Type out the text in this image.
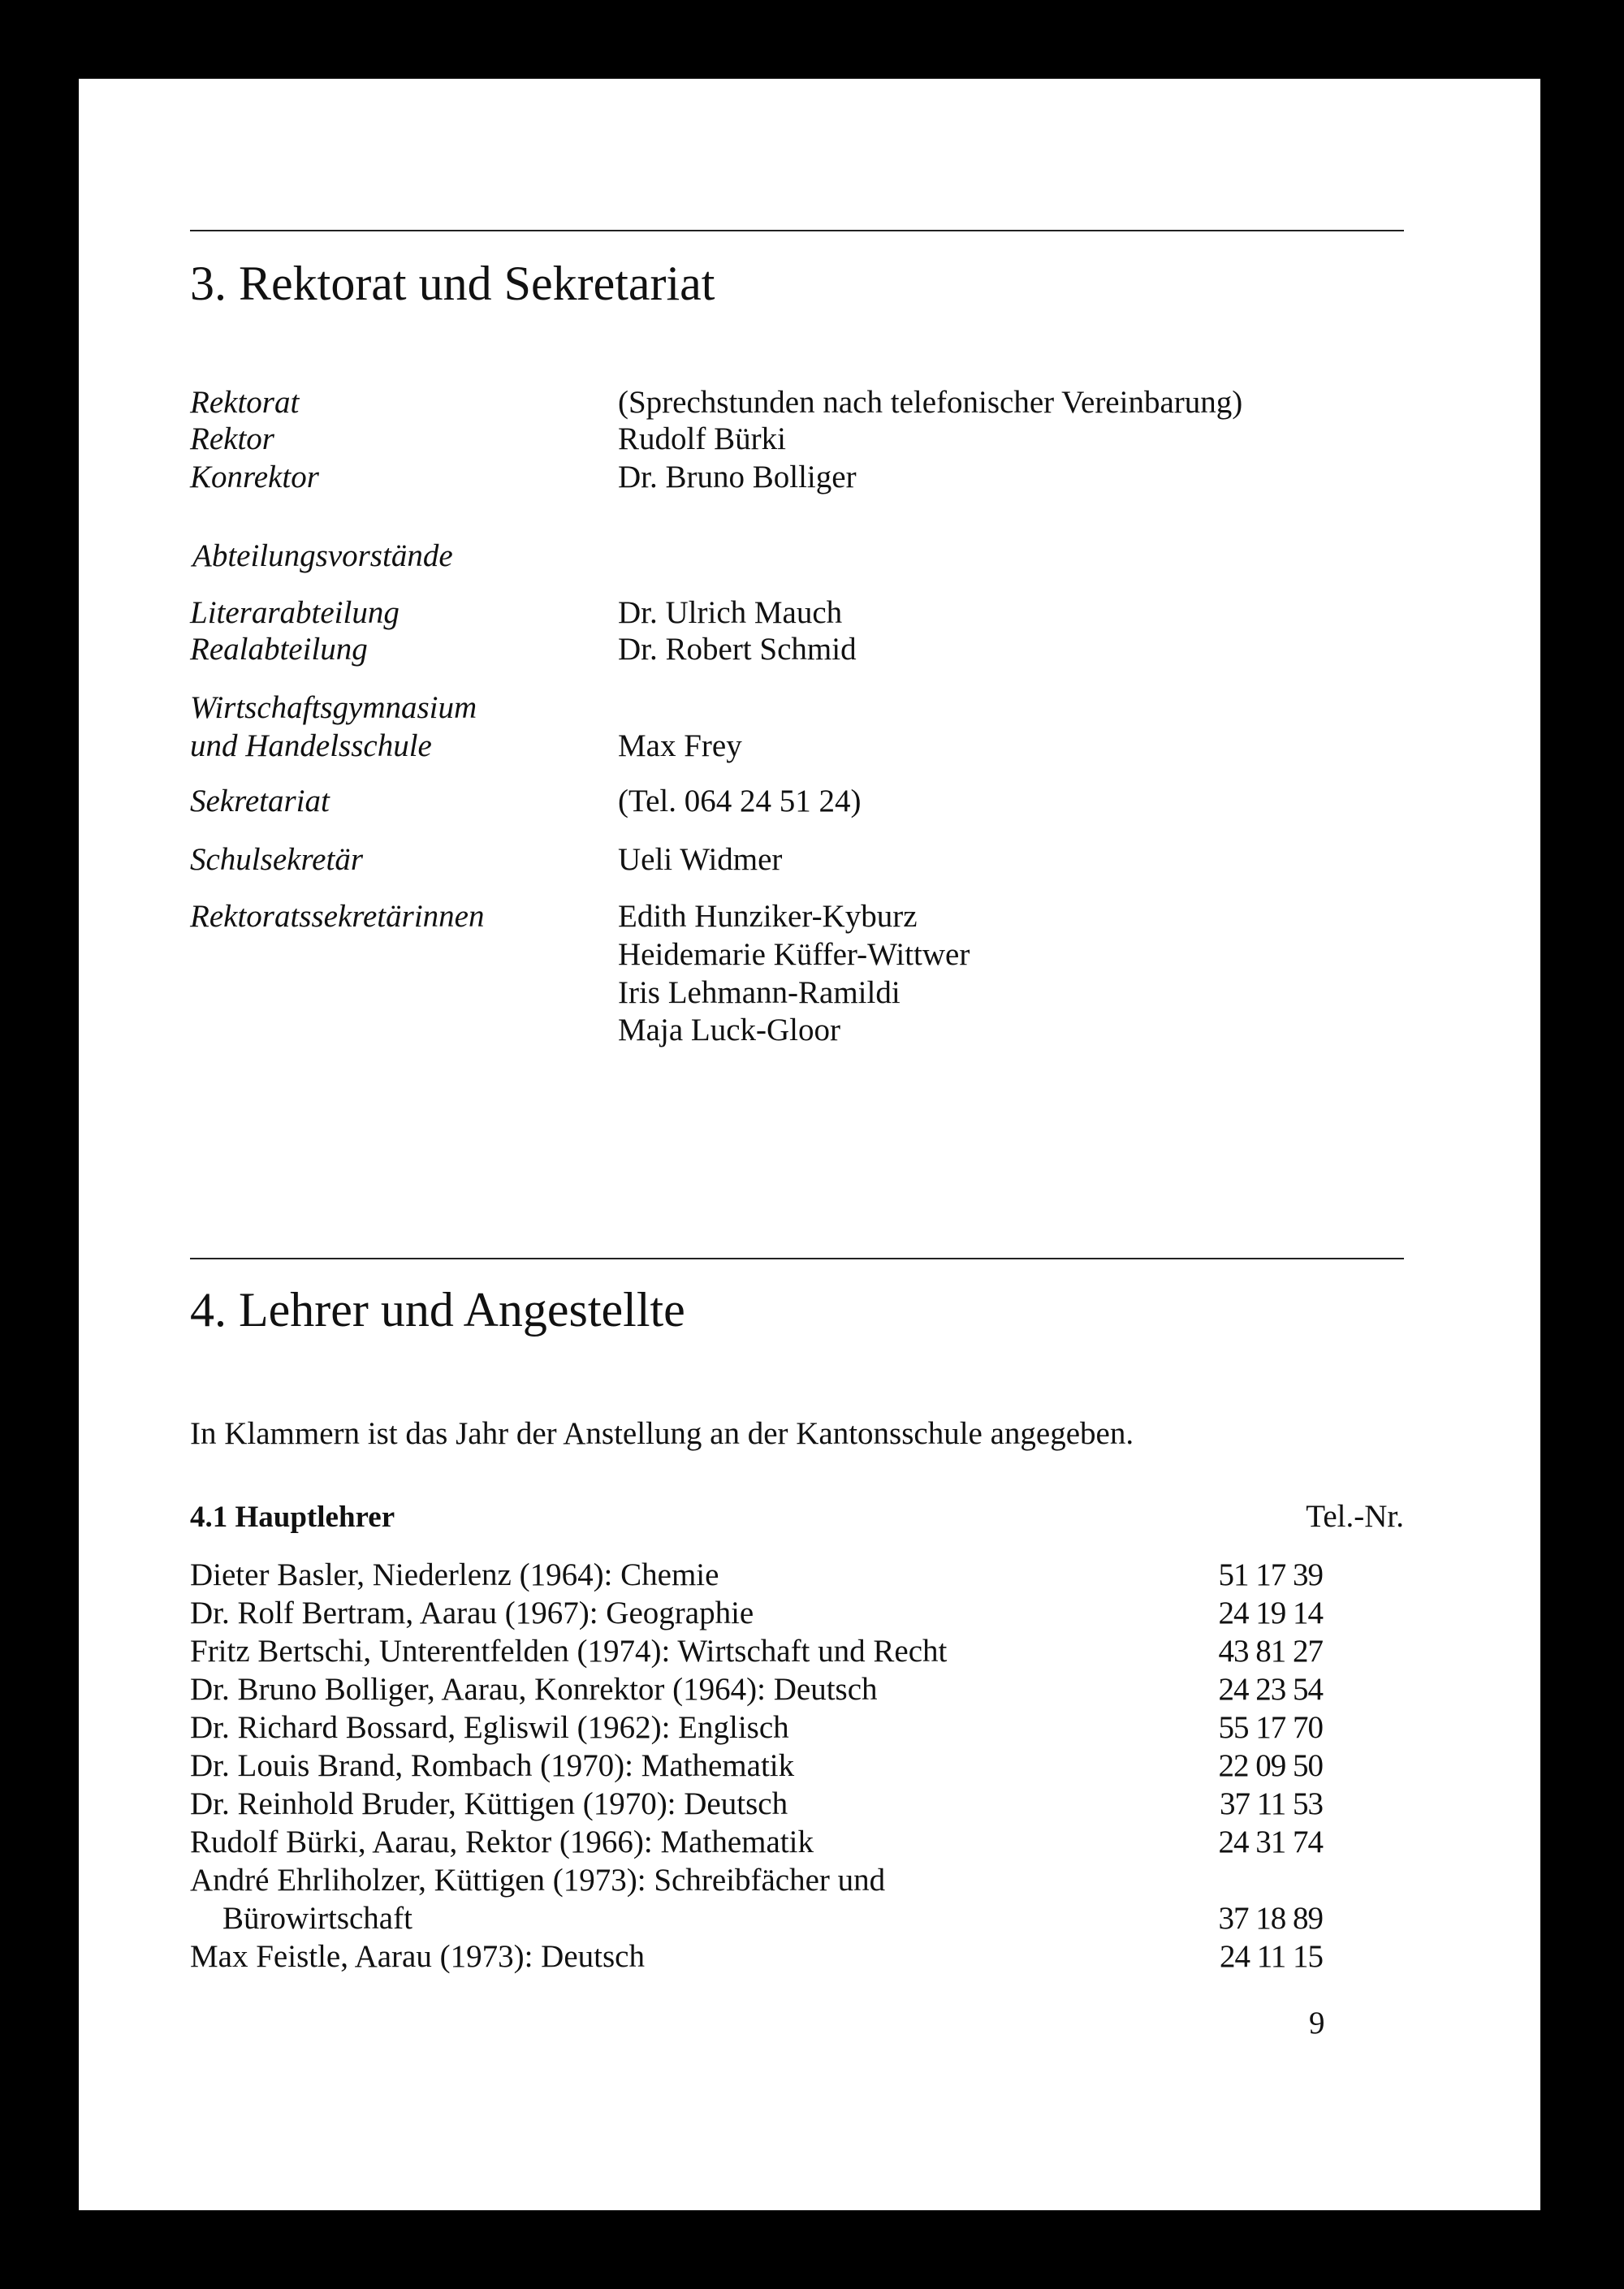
3. Rektorat und Sekretariat
Rektorat	(Sprechstunden nach telefonischer Vereinbarung)
Rektor	Rudolf Bürki
Konrektor	Dr. Bruno Bolliger
Abteilungsvorstände
Literarabteilung	Dr. Ulrich Mauch
Realabteilung	Dr. Robert Schmid
Wirtschaftsgymnasium
und Handelsschule	Max Frey
Sekretariat	(Tel. 064 24 51 24)
Schulsekretär	Ueli Widmer
Rektoratssekretärinnen	Edith Hunziker-Kyburz
Heidemarie Küffer-Wittwer
Iris Lehmann-Ramildi
Maja Luck-Gloor
4. Lehrer und Angestellte
In Klammern ist das Jahr der Anstellung an der Kantonsschule angegeben.
4.1 Hauptlehrer	Tel.-Nr.
Dieter Basler, Niederlenz (1964): Chemie	51 17 39
Dr. Rolf Bertram, Aarau (1967): Geographie	24 19 14
Fritz Bertschi, Unterentfelden (1974): Wirtschaft und Recht	43 81 27
Dr. Bruno Bolliger, Aarau, Konrektor (1964): Deutsch	24 23 54
Dr. Richard Bossard, Egliswil (1962): Englisch	55 17 70
Dr. Louis Brand, Rombach (1970): Mathematik	22 09 50
Dr. Reinhold Bruder, Küttigen (1970): Deutsch	37 11 53
Rudolf Bürki, Aarau, Rektor (1966): Mathematik	24 31 74
André Ehrliholzer, Küttigen (1973): Schreibfächer und
Bürowirtschaft	37 18 89
Max Feistle, Aarau (1973): Deutsch	24 11 15
9
